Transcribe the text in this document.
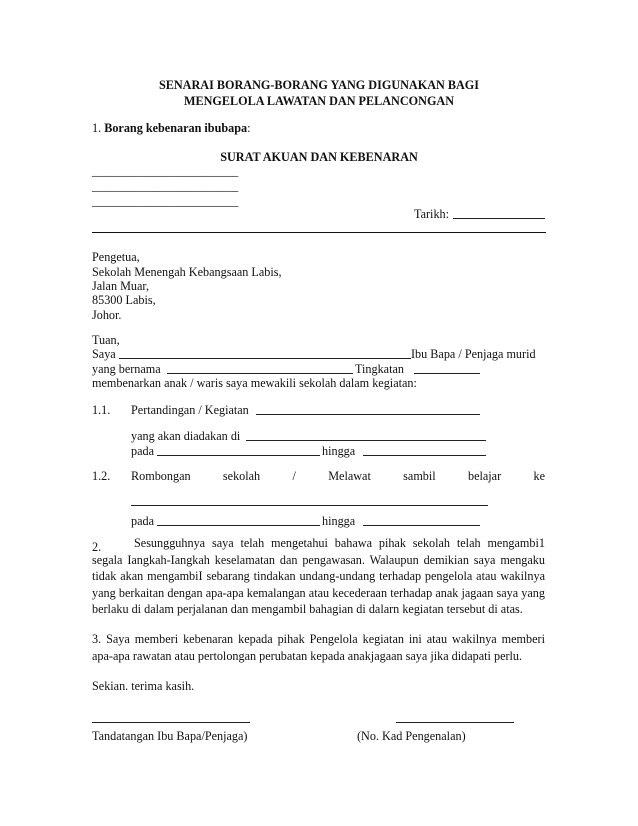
SENARAI BORANG-BORANG YANG DIGUNAKAN BAGI
MENGELOLA LAWATAN DAN PELANCONGAN
1. Borang kebenaran ibubapa:
SURAT AKUAN DAN KEBENARAN
________________________
________________________
________________________
Tarikh:
Pengetua,
Sekolah Menengah Kebangsaan Labis,
Jalan Muar,
85300 Labis,
Johor.
Tuan,
Saya	Ibu Bapa / Penjaga murid
yang bernama	Tingkatan
membenarkan anak / waris saya mewakili sekolah dalam kegiatan:
1.1. Pertandingan / Kegiatan
yang akan diadakan di
pada	hingga
1.2. Rombongan	sekolah	/	Melawat	sambil	belajar	ke
pada	hingga
2.	Sesungguhnya saya telah mengetahui bahawa pihak sekolah telah mengambi1 segala Iangkah-Iangkah keselamatan dan pengawasan. Walaupun demikian saya mengaku tidak akan mengambiI sebarang tindakan undang-undang terhadap pengelola atau wakilnya yang berkaitan dengan apa-apa kemalangan atau kecederaan terhadap anak jagaan saya yang berlaku di dalam perjalanan dan mengambil bahagian di dalarn kegiatan tersebut di atas.
3. Saya memberi kebenaran kepada pihak Pengelola kegiatan ini atau wakilnya memberi apa-apa rawatan atau pertolongan perubatan kepada anakjagaan saya jika didapati perlu.
Sekian. terima kasih.
Tandatangan Ibu Bapa/Penjaga)	(No. Kad Pengenalan)
